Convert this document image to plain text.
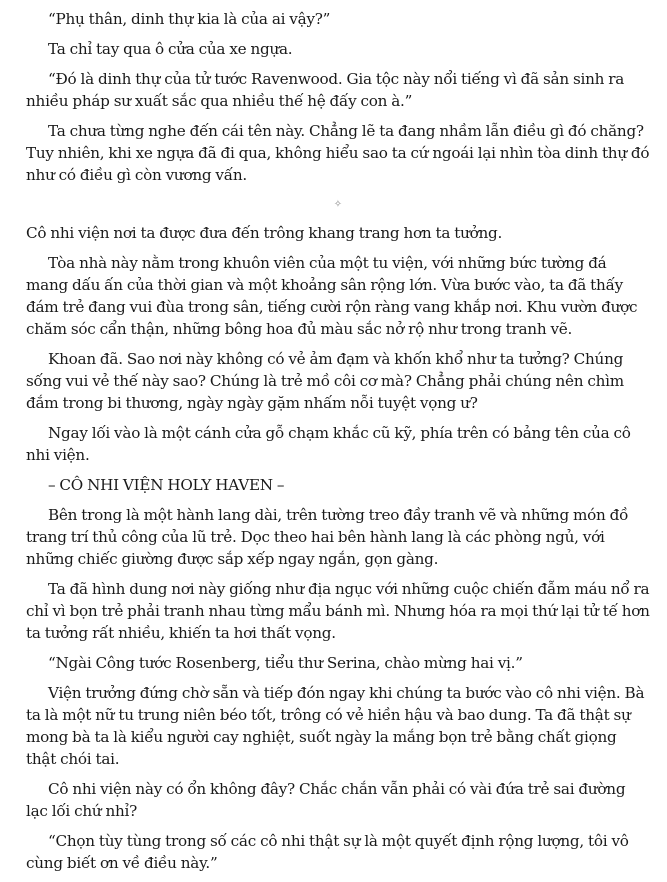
“Phụ thân, dinh thự kia là của ai vậy?”

Ta chỉ tay qua ô cửa của xe ngựa.

“Đó là dinh thự của tử tước Ravenwood. Gia tộc này nổi tiếng vì đã sản sinh ra nhiều pháp sư xuất sắc qua nhiều thế hệ đấy con à.”

Ta chưa từng nghe đến cái tên này. Chẳng lẽ ta đang nhầm lẫn điều gì đó chăng? Tuy nhiên, khi xe ngựa đã đi qua, không hiểu sao ta cứ ngoái lại nhìn tòa dinh thự đó như có điều gì còn vương vấn.

✧

Cô nhi viện nơi ta được đưa đến trông khang trang hơn ta tưởng.

Tòa nhà này nằm trong khuôn viên của một tu viện, với những bức tường đá mang dấu ấn của thời gian và một khoảng sân rộng lớn. Vừa bước vào, ta đã thấy đám trẻ đang vui đùa trong sân, tiếng cười rộn ràng vang khắp nơi. Khu vườn được chăm sóc cẩn thận, những bông hoa đủ màu sắc nở rộ như trong tranh vẽ.

Khoan đã. Sao nơi này không có vẻ ảm đạm và khốn khổ như ta tưởng? Chúng sống vui vẻ thế này sao? Chúng là trẻ mồ côi cơ mà? Chẳng phải chúng nên chìm đắm trong bi thương, ngày ngày gặm nhấm nỗi tuyệt vọng ư?

Ngay lối vào là một cánh cửa gỗ chạm khắc cũ kỹ, phía trên có bảng tên của cô nhi viện.

– CÔ NHI VIỆN HOLY HAVEN –

Bên trong là một hành lang dài, trên tường treo đầy tranh vẽ và những món đồ trang trí thủ công của lũ trẻ. Dọc theo hai bên hành lang là các phòng ngủ, với những chiếc giường được sắp xếp ngay ngắn, gọn gàng.

Ta đã hình dung nơi này giống như địa ngục với những cuộc chiến đẫm máu nổ ra chỉ vì bọn trẻ phải tranh nhau từng mẩu bánh mì. Nhưng hóa ra mọi thứ lại tử tế hơn ta tưởng rất nhiều, khiến ta hơi thất vọng.

“Ngài Công tước Rosenberg, tiểu thư Serina, chào mừng hai vị.”

Viện trưởng đứng chờ sẵn và tiếp đón ngay khi chúng ta bước vào cô nhi viện. Bà ta là một nữ tu trung niên béo tốt, trông có vẻ hiền hậu và bao dung. Ta đã thật sự mong bà ta là kiểu người cay nghiệt, suốt ngày la mắng bọn trẻ bằng chất giọng thật chói tai.

Cô nhi viện này có ổn không đây? Chắc chắn vẫn phải có vài đứa trẻ sai đường lạc lối chứ nhỉ?

“Chọn tùy tùng trong số các cô nhi thật sự là một quyết định rộng lượng, tôi vô cùng biết ơn về điều này.”
